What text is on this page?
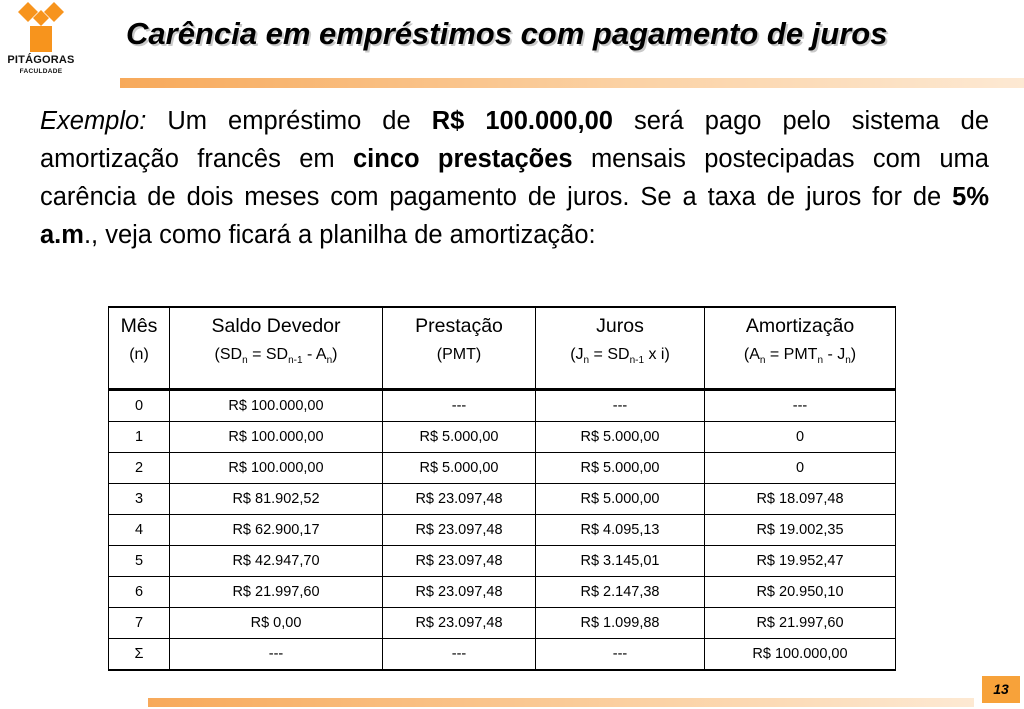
PITÁGORAS
FACULDADE
Carência em empréstimos com pagamento de juros
Exemplo: Um empréstimo de R$ 100.000,00 será pago pelo sistema de amortização francês em cinco prestações mensais postecipadas com uma carência de dois meses com pagamento de juros. Se a taxa de juros for de 5% a.m., veja como ficará a planilha de amortização:
Mês	Saldo Devedor	Prestação	Juros	Amortização
(n)	$(SD_n = SD_{n-1} - A_n)$	(PMT)	($J_n = SD_{n-1}$ x i)	$(A_n = PMT_n - J_n)$
0	R$ 100.000,00	---	---	---
1	R$ 100.000,00	R$ 5.000,00	R$ 5.000,00	0
2	R$ 100.000,00	R$ 5.000,00	R$ 5.000,00	0
3	R$ 81.902,52	R$ 23.097,48	R$ 5.000,00	R$ 18.097,48
4	R$ 62.900,17	R$ 23.097,48	R$ 4.095,13	R$ 19.002,35
5	R$ 42.947,70	R$ 23.097,48	R$ 3.145,01	R$ 19.952,47
6	R$ 21.997,60	R$ 23.097,48	R$ 2.147,38	R$ 20.950,10
7	R$ 0,00	R$ 23.097,48	R$ 1.099,88	R$ 21.997,60
Σ	---	---	---	R$ 100.000,00
13
